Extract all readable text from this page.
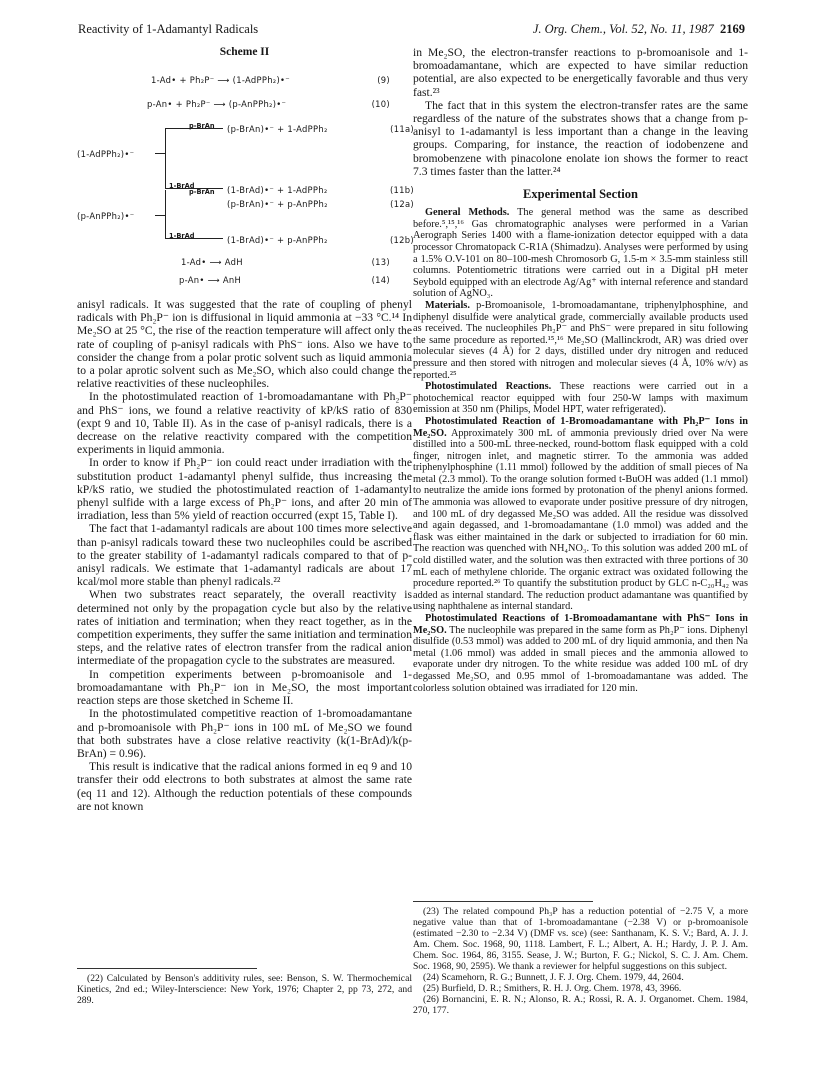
Reactivity of 1-Adamantyl Radicals	J. Org. Chem., Vol. 52, No. 11, 1987 2169
Scheme II
1-Ad• + Ph₂P⁻ ⟶ (1-AdPPh₂)•⁻	(9)
p-An• + Ph₂P⁻ ⟶ (p-AnPPh₂)•⁻	(10)
(1-AdPPh₂)•⁻
p-BrAn
1-BrAd
(p-BrAn)•⁻ + 1-AdPPh₂	(11a)
(1-BrAd)•⁻ + 1-AdPPh₂	(11b)
(p-AnPPh₂)•⁻
p-BrAn
1-BrAd
(p-BrAn)•⁻ + p-AnPPh₂	(12a)
(1-BrAd)•⁻ + p-AnPPh₂	(12b)
1-Ad• ⟶ AdH	(13)
p-An• ⟶ AnH	(14)

anisyl radicals. It was suggested that the rate of coupling of phenyl radicals with Ph₂P⁻ ion is diffusional in liquid ammonia at −33 °C.¹⁴ In Me₂SO at 25 °C, the rise of the reaction temperature will affect only the rate of coupling of p-anisyl radicals with PhS⁻ ions. Also we have to consider the change from a polar protic solvent such as liquid ammonia to a polar aprotic solvent such as Me₂SO, which also could change the relative reactivities of these nucleophiles.

In the photostimulated reaction of 1-bromoadamantane with Ph₂P⁻ and PhS⁻ ions, we found a relative reactivity of kP/kS ratio of 830 (expt 9 and 10, Table II). As in the case of p-anisyl radicals, there is a decrease on the relative reactivity compared with the competition experiments in liquid ammonia.

In order to know if Ph₂P⁻ ion could react under irradiation with the substitution product 1-adamantyl phenyl sulfide, thus increasing the kP/kS ratio, we studied the photostimulated reaction of 1-adamantyl phenyl sulfide with a large excess of Ph₂P⁻ ions, and after 20 min of irradiation, less than 5% yield of reaction occurred (expt 15, Table I).

The fact that 1-adamantyl radicals are about 100 times more selective than p-anisyl radicals toward these two nucleophiles could be ascribed to the greater stability of 1-adamantyl radicals compared to that of p-anisyl radicals. We estimate that 1-adamantyl radicals are about 17 kcal/mol more stable than phenyl radicals.²²

When two substrates react separately, the overall reactivity is determined not only by the propagation cycle but also by the relative rates of initiation and termination; when they react together, as in the competition experiments, they suffer the same initiation and termination steps, and the relative rates of electron transfer from the radical anion intermediate of the propagation cycle to the substrates are measured.

In competition experiments between p-bromoanisole and 1-bromoadamantane with Ph₂P⁻ ion in Me₂SO, the most important reaction steps are those sketched in Scheme II.

In the photostimulated competitive reaction of 1-bromoadamantane and p-bromoanisole with Ph₂P⁻ ions in 100 mL of Me₂SO we found that both substrates have a close relative reactivity (k(1-BrAd)/k(p-BrAn) = 0.96).

This result is indicative that the radical anions formed in eq 9 and 10 transfer their odd electrons to both substrates at almost the same rate (eq 11 and 12). Although the reduction potentials of these compounds are not known

(22) Calculated by Benson's additivity rules, see: Benson, S. W. Thermochemical Kinetics, 2nd ed.; Wiley-Interscience: New York, 1976; Chapter 2, pp 73, 272, and 289.

in Me₂SO, the electron-transfer reactions to p-bromoanisole and 1-bromoadamantane, which are expected to have similar reduction potential, are also expected to be energetically favorable and thus very fast.²³

The fact that in this system the electron-transfer rates are the same regardless of the nature of the substrates shows that a change from p-anisyl to 1-adamantyl is less important than a change in the leaving groups. Comparing, for instance, the reaction of iodobenzene and bromobenzene with pinacolone enolate ion shows the former to react 7.3 times faster than the latter.²⁴

Experimental Section

General Methods. The general method was the same as described before.⁵,¹⁵,¹⁶ Gas chromatographic analyses were performed in a Varian Aerograph Series 1400 with a flame-ionization detector equipped with a data processor Chromatopack C-R1A (Shimadzu). Analyses were performed by using a 1.5% O.V-101 on 80–100-mesh Chromosorb G, 1.5-m × 3.5-mm stainless still columns. Potentiometric titrations were carried out in a Digital pH meter Seybold equipped with an electrode Ag/Ag⁺ with internal reference and standard solution of AgNO₃.

Materials. p-Bromoanisole, 1-bromoadamantane, triphenylphosphine, and diphenyl disulfide were analytical grade, commercially available products used as received. The nucleophiles Ph₂P⁻ and PhS⁻ were prepared in situ following the same procedure as reported.¹⁵,¹⁶ Me₂SO (Mallinckrodt, AR) was dried over molecular sieves (4 Å) for 2 days, distilled under dry nitrogen and reduced pressure and then stored with nitrogen and molecular sieves (4 Å, 10% w/v) as reported.²⁵

Photostimulated Reactions. These reactions were carried out in a photochemical reactor equipped with four 250-W lamps with maximum emission at 350 nm (Philips, Model HPT, water refrigerated).

Photostimulated Reaction of 1-Bromoadamantane with Ph₂P⁻ Ions in Me₂SO. Approximately 300 mL of ammonia previously dried over Na were distilled into a 500-mL three-necked, round-bottom flask equipped with a cold finger, nitrogen inlet, and magnetic stirrer. To the ammonia was added triphenylphosphine (1.11 mmol) followed by the addition of small pieces of Na metal (2.3 mmol). To the orange solution formed t-BuOH was added (1.1 mmol) to neutralize the amide ions formed by protonation of the phenyl anions formed. The ammonia was allowed to evaporate under positive pressure of dry nitrogen, and 100 mL of dry degassed Me₂SO was added. All the residue was dissolved and again degassed, and 1-bromoadamantane (1.0 mmol) was added and the flask was either maintained in the dark or subjected to irradiation for 60 min. The reaction was quenched with NH₄NO₃. To this solution was added 200 mL of cold distilled water, and the solution was then extracted with three portions of 30 mL each of methylene chloride. The organic extract was oxidated following the procedure reported.²⁶ To quantify the substitution product by GLC n-C₂₀H₄₂ was added as internal standard. The reduction product adamantane was quantified by using naphthalene as internal standard.

Photostimulated Reactions of 1-Bromoadamantane with PhS⁻ Ions in Me₂SO. The nucleophile was prepared in the same form as Ph₂P⁻ ions. Diphenyl disulfide (0.53 mmol) was added to 200 mL of dry liquid ammonia, and then Na metal (1.06 mmol) was added in small pieces and the ammonia allowed to evaporate under dry nitrogen. To the white residue was added 100 mL of dry degassed Me₂SO, and 0.95 mmol of 1-bromoadamantane was added. The colorless solution obtained was irradiated for 120 min.

(23) The related compound Ph₃P has a reduction potential of −2.75 V, a more negative value than that of 1-bromoadamantane (−2.38 V) or p-bromoanisole (estimated −2.30 to −2.34 V) (DMF vs. sce) (see: Santhanam, K. S. V.; Bard, A. J. J. Am. Chem. Soc. 1968, 90, 1118. Lambert, F. L.; Albert, A. H.; Hardy, J. P. J. Am. Chem. Soc. 1964, 86, 3155. Sease, J. W.; Burton, F. G.; Nickol, S. C. J. Am. Chem. Soc. 1968, 90, 2595). We thank a reviewer for helpful suggestions on this subject.

(24) Scamehorn, R. G.; Bunnett, J. F. J. Org. Chem. 1979, 44, 2604.

(25) Burfield, D. R.; Smithers, R. H. J. Org. Chem. 1978, 43, 3966.

(26) Bornancini, E. R. N.; Alonso, R. A.; Rossi, R. A. J. Organomet. Chem. 1984, 270, 177.
